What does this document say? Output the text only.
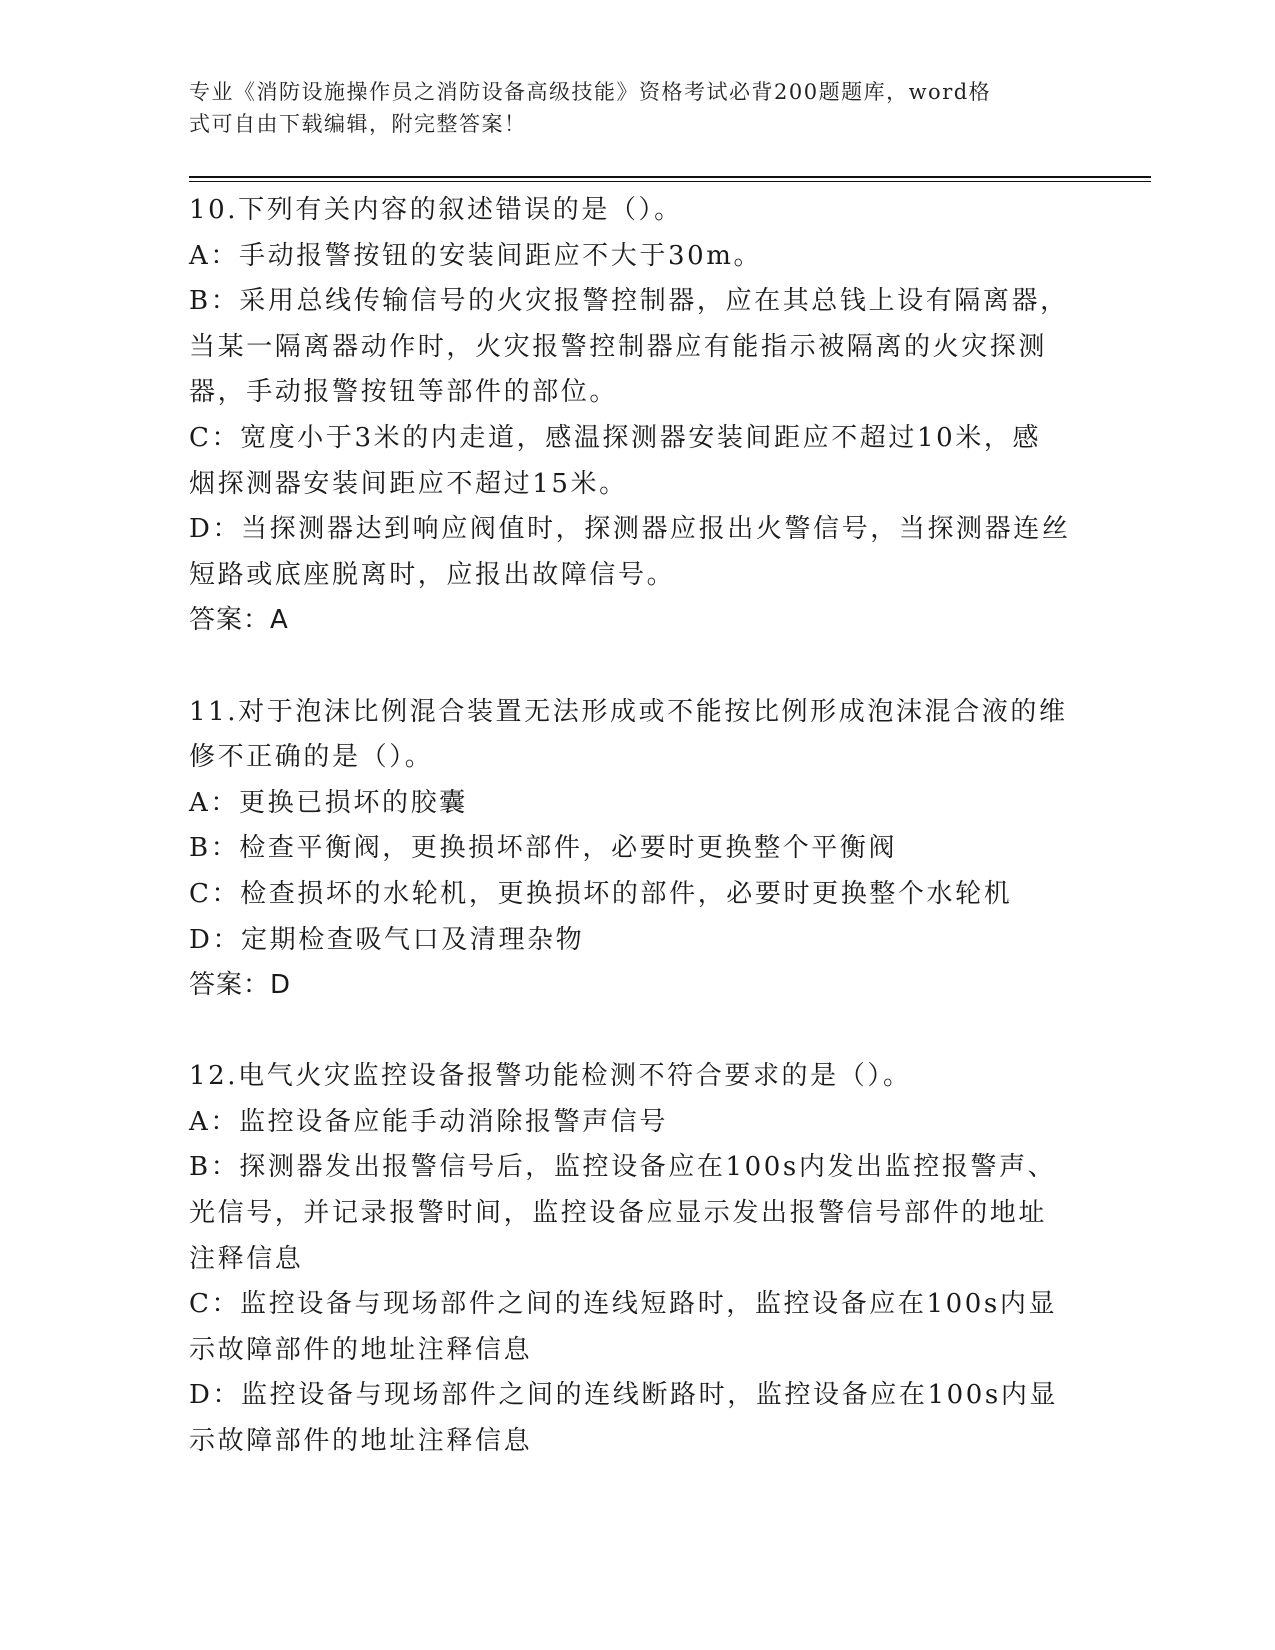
专业《消防设施操作员之消防设备高级技能》资格考试必背200题题库，word格
式可自由下载编辑，附完整答案！
10.下列有关内容的叙述错误的是（）。
A：手动报警按钮的安装间距应不大于30m。
B：采用总线传输信号的火灾报警控制器，应在其总钱上设有隔离器，
当某一隔离器动作时，火灾报警控制器应有能指示被隔离的火灾探测
器，手动报警按钮等部件的部位。
C：宽度小于3米的内走道，感温探测器安装间距应不超过10米，感
烟探测器安装间距应不超过15米。
D：当探测器达到响应阀值时，探测器应报出火警信号，当探测器连丝
短路或底座脱离时，应报出故障信号。
答案：A
11.对于泡沫比例混合装置无法形成或不能按比例形成泡沫混合液的维
修不正确的是（）。
A：更换已损坏的胶囊
B：检查平衡阀，更换损坏部件，必要时更换整个平衡阀
C：检查损坏的水轮机，更换损坏的部件，必要时更换整个水轮机
D：定期检查吸气口及清理杂物
答案：D
12.电气火灾监控设备报警功能检测不符合要求的是（）。
A：监控设备应能手动消除报警声信号
B：探测器发出报警信号后，监控设备应在100s内发出监控报警声、
光信号，并记录报警时间，监控设备应显示发出报警信号部件的地址
注释信息
C：监控设备与现场部件之间的连线短路时，监控设备应在100s内显
示故障部件的地址注释信息
D：监控设备与现场部件之间的连线断路时，监控设备应在100s内显
示故障部件的地址注释信息
